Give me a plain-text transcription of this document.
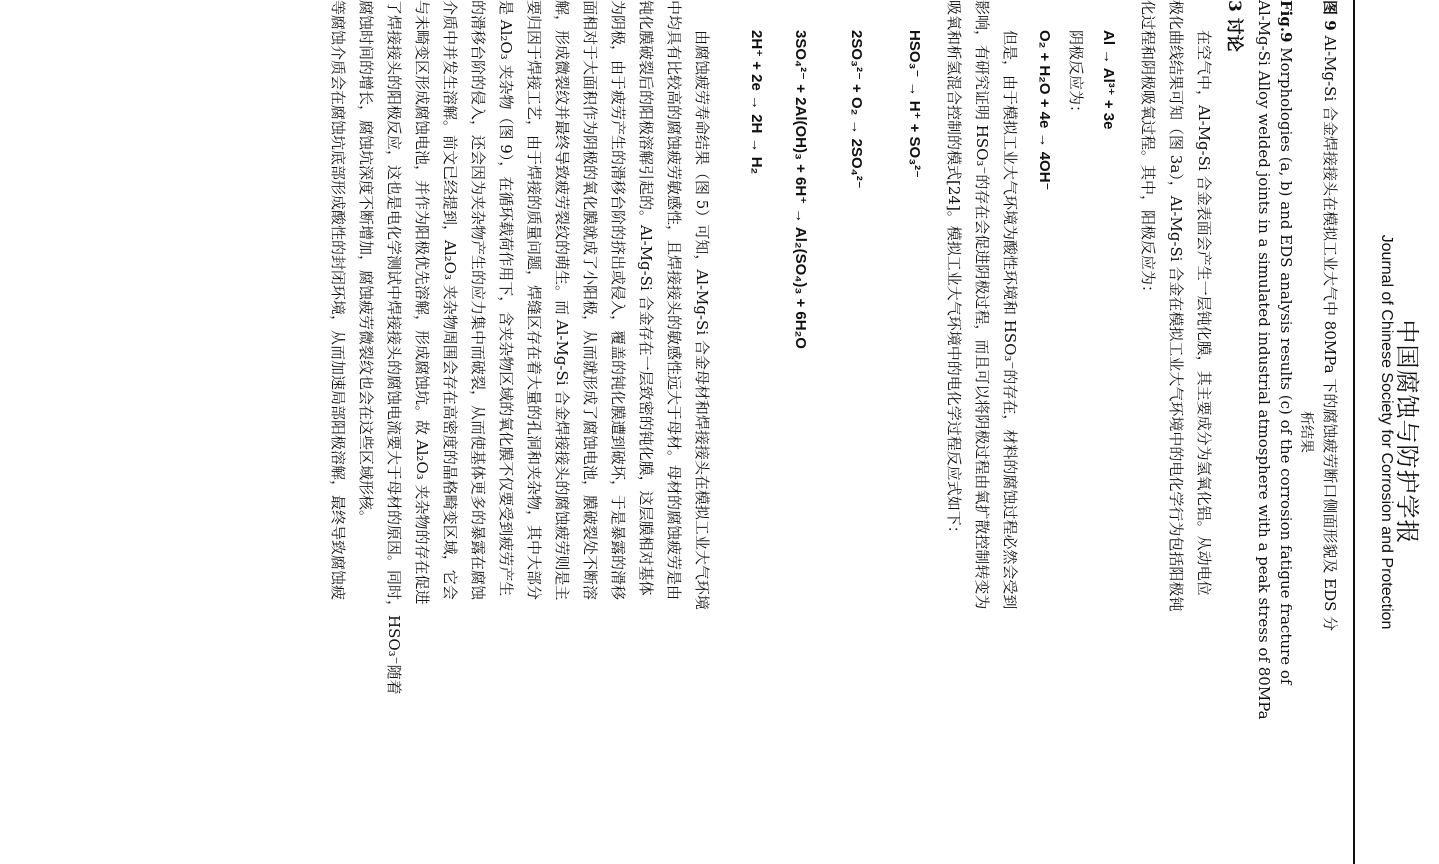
中国腐蚀与防护学报
Journal of Chinese Society for Corrosion and Protection
图 9 Al-Mg-Si 合金焊接接头在模拟工业大气中 80MPa 下的腐蚀疲劳断口侧面形貌及 EDS 分
析结果
Fig.9 Morphologies (a, b) and EDS analysis results (c) of the corrosion fatigue fracture of
Al-Mg-Si Alloy welded joints in a simulated industrial atmosphere with a peak stress of 80MPa
3 讨论
在空气中，Al-Mg-Si 合金表面会产生一层钝化膜，其主要成分为氢氧化铝。从动电位
极化曲线结果可知（图 3a），Al-Mg-Si 合金在模拟工业大气环境中的电化学行为包括阳极钝
化过程和阴极吸氧过程。其中，阳极反应为：
Al → Al³⁺ + 3e
阴极反应为：
O₂ + H₂O + 4e → 4OH⁻
但是，由于模拟工业大气环境为酸性环境和 HSO₃⁻的存在，材料的腐蚀过程必然会受到
影响，有研究证明 HSO₃⁻的存在会促进阴极过程，而且可以将阴极过程由氧扩散控制转变为
吸氧和析氢混合控制的模式[24]。模拟工业大气环境中的电化学过程反应式如下：
HSO₃⁻ → H⁺ + SO₃²⁻
2SO₃²⁻ + O₂ → 2SO₄²⁻
3SO₄²⁻ + 2Al(OH)₃ + 6H⁺ → Al₂(SO₄)₃ + 6H₂O
2H⁺ + 2e → 2H → H₂
由腐蚀疲劳寿命结果（图 5）可知，Al-Mg-Si 合金母材和焊接接头在模拟工业大气环境
中均具有比较高的腐蚀疲劳敏感性，且焊接接头的敏感性远大于母材。母材的腐蚀疲劳是由
钝化膜破裂后的阳极溶解引起的。Al-Mg-Si 合金存在一层致密的钝化膜，这层膜相对基体
为阴极，由于疲劳产生的滑移台阶的挤出或侵入，覆盖的钝化膜遭到破坏，于是暴露的滑移
面相对于大面积作为阴极的氧化膜就成了小阳极，从而就形成了腐蚀电池，膜破裂处不断溶
解，形成微裂纹并最终导致疲劳裂纹的萌生。而 Al-Mg-Si 合金焊接接头的腐蚀疲劳则是主
要归因于焊接工艺，由于焊接的质量问题，焊缝区存在着大量的孔洞和夹杂物，其中大部分
是 Al₂O₃ 夹杂物（图 9），在循环载荷作用下，含夹杂物区域的氧化膜不仅要受到疲劳产生
的滑移台阶的侵入，还会因为夹杂物产生的应力集中而破裂，从而使基体更多的暴露在腐蚀
介质中并发生溶解。前文已经提到，Al₂O₃ 夹杂物周围会存在高密度的晶格畸变区域，它会
与未畸变区形成腐蚀电池，并作为阳极优先溶解，形成腐蚀坑。故 Al₂O₃ 夹杂物的存在促进
了焊接接头的阳极反应，这也是电化学测试中焊接接头的腐蚀电流要大于母材的原因。同时，HSO₃⁻随着
腐蚀时间的增长，腐蚀坑深度不断增加，腐蚀疲劳微裂纹也会在这些区域形核。
等腐蚀介质会在腐蚀坑底部形成酸性的封闭环境，从而加速局部阳极溶解，最终导致腐蚀疲
